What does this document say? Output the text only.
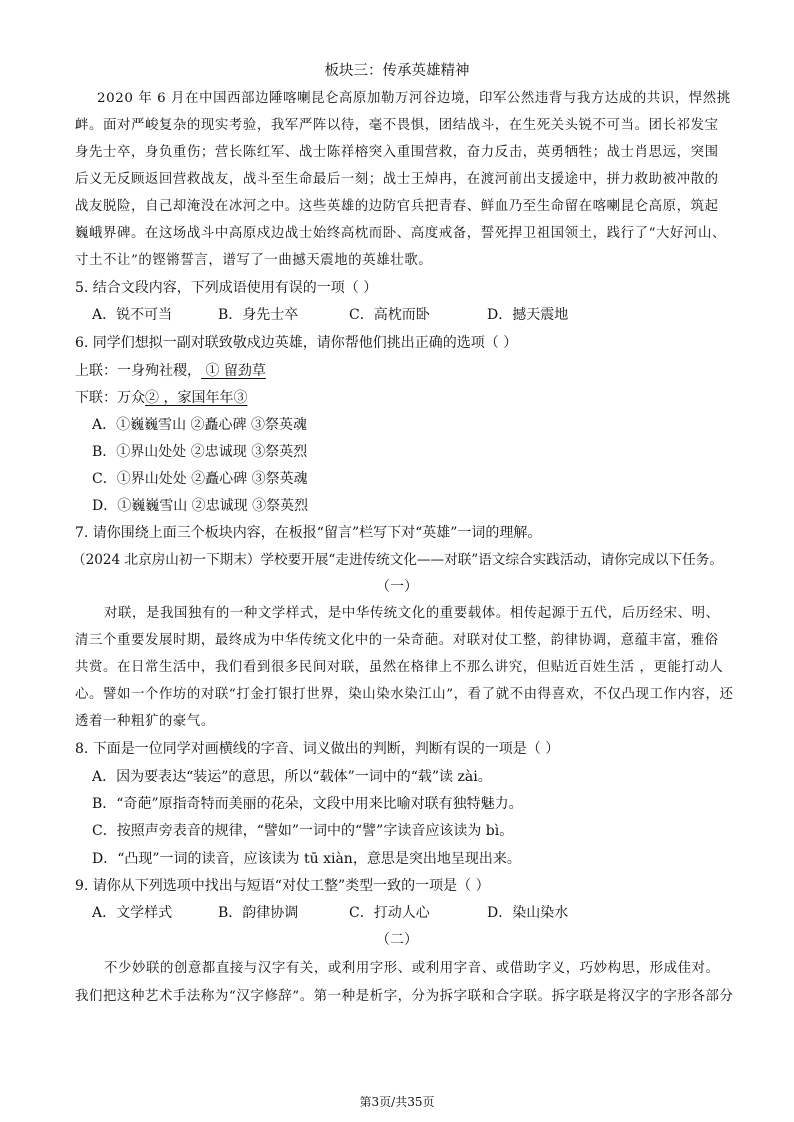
板块三：传承英雄精神
2020 年 6 月在中国西部边陲喀喇昆仑高原加勒万河谷边境，印军公然违背与我方达成的共识，悍然挑
衅。面对严峻复杂的现实考验，我军严阵以待，毫不畏惧，团结战斗，在生死关头锐不可当。团长祁发宝
身先士卒，身负重伤；营长陈红军、战士陈祥榕突入重围营救，奋力反击，英勇牺牲；战士肖思远，突围
后义无反顾返回营救战友，战斗至生命最后一刻；战士王焯冉，在渡河前出支援途中，拼力救助被冲散的
战友脱险，自己却淹没在冰河之中。这些英雄的边防官兵把青春、鲜血乃至生命留在喀喇昆仑高原，筑起
巍峨界碑。在这场战斗中高原戍边战士始终高枕而卧、高度戒备，誓死捍卫祖国领土，践行了“大好河山、
寸土不让”的铿锵誓言，谱写了一曲撼天震地的英雄壮歌。
5. 结合文段内容，下列成语使用有误的一项（ ）
A．锐不可当	B．身先士卒	C．高枕而卧	D．撼天震地
6. 同学们想拟一副对联致敬戍边英雄，请你帮他们挑出正确的选项（ ）
上联：一身殉社稷， ① 留劲草
下联：万众② ，家国年年③
A．①巍巍雪山 ②矗心碑 ③祭英魂
B．①界山处处 ②忠诚现 ③祭英烈
C．①界山处处 ②矗心碑 ③祭英魂
D．①巍巍雪山 ②忠诚现 ③祭英烈
7. 请你围绕上面三个板块内容，在板报“留言”栏写下对“英雄”一词的理解。
（2024 北京房山初一下期末）学校要开展“走进传统文化——对联”语文综合实践活动，请你完成以下任务。
（一）
对联，是我国独有的一种文学样式，是中华传统文化的重要载体。相传起源于五代，后历经宋、明、
清三个重要发展时期，最终成为中华传统文化中的一朵奇葩。对联对仗工整，韵律协调，意蕴丰富，雅俗
共赏。在日常生活中，我们看到很多民间对联，虽然在格律上不那么讲究，但贴近百姓生活 ，更能打动人
心。譬如一个作坊的对联“打金打银打世界，染山染水染江山”，看了就不由得喜欢，不仅凸现工作内容，还
透着一种粗犷的豪气。
8. 下面是一位同学对画横线的字音、词义做出的判断，判断有误的一项是（ ）
A．因为要表达“装运”的意思，所以“载体”一词中的“载”读 zài。
B．“奇葩”原指奇特而美丽的花朵，文段中用来比喻对联有独特魅力。
C．按照声旁表音的规律，“譬如”一词中的“譬”字读音应该读为 bì。
D．“凸现”一词的读音，应该读为 tū xiàn，意思是突出地呈现出来。
9. 请你从下列选项中找出与短语“对仗工整”类型一致的一项是（ ）
A．文学样式	B．韵律协调	C．打动人心	D．染山染水
（二）
不少妙联的创意都直接与汉字有关，或利用字形、或利用字音、或借助字义，巧妙构思，形成佳对。
我们把这种艺术手法称为“汉字修辞”。第一种是析字，分为拆字联和合字联。拆字联是将汉字的字形各部分
第3页/共35页
